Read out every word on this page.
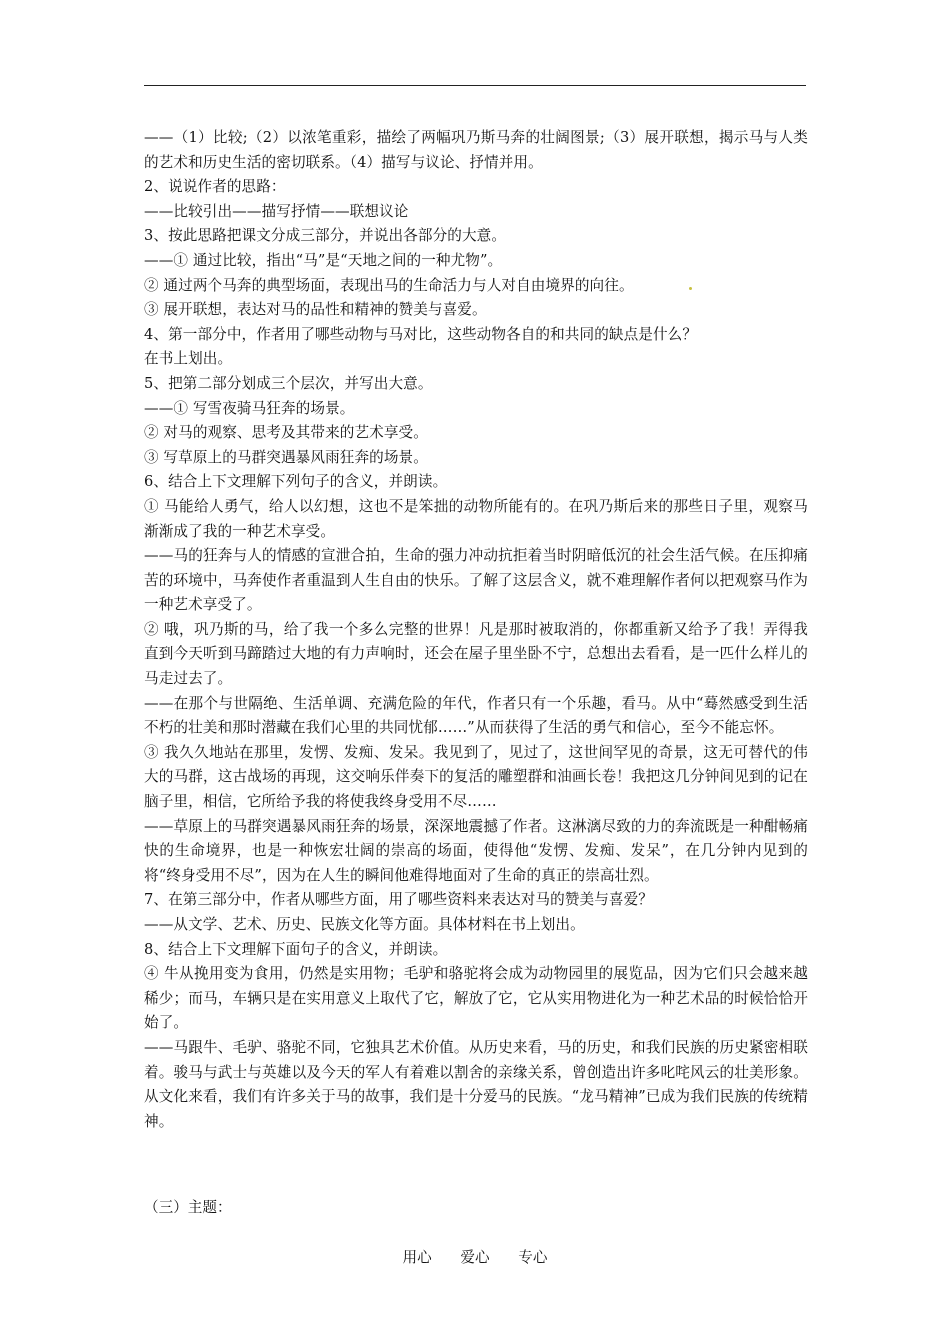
——（1）比较;（2）以浓笔重彩，描绘了两幅巩乃斯马奔的壮阔图景;（3）展开联想，揭示马与人类的艺术和历史生活的密切联系。（4）描写与议论、抒情并用。

2、说说作者的思路：

——比较引出——描写抒情——联想议论

3、按此思路把课文分成三部分，并说出各部分的大意。

——① 通过比较，指出“马”是“天地之间的一种尤物”。

② 通过两个马奔的典型场面，表现出马的生命活力与人对自由境界的向往。

③ 展开联想，表达对马的品性和精神的赞美与喜爱。

4、第一部分中，作者用了哪些动物与马对比，这些动物各自的和共同的缺点是什么？

在书上划出。

5、把第二部分划成三个层次，并写出大意。

——① 写雪夜骑马狂奔的场景。

② 对马的观察、思考及其带来的艺术享受。

③ 写草原上的马群突遇暴风雨狂奔的场景。

6、结合上下文理解下列句子的含义，并朗读。

① 马能给人勇气，给人以幻想，这也不是笨拙的动物所能有的。在巩乃斯后来的那些日子里，观察马渐渐成了我的一种艺术享受。

——马的狂奔与人的情感的宣泄合拍，生命的强力冲动抗拒着当时阴暗低沉的社会生活气候。在压抑痛苦的环境中，马奔使作者重温到人生自由的快乐。了解了这层含义，就不难理解作者何以把观察马作为一种艺术享受了。

② 哦，巩乃斯的马，给了我一个多么完整的世界！凡是那时被取消的，你都重新又给予了我！弄得我直到今天听到马蹄踏过大地的有力声响时，还会在屋子里坐卧不宁，总想出去看看，是一匹什么样儿的马走过去了。

——在那个与世隔绝、生活单调、充满危险的年代，作者只有一个乐趣，看马。从中“蓦然感受到生活不朽的壮美和那时潜藏在我们心里的共同忧郁……”从而获得了生活的勇气和信心，至今不能忘怀。

③ 我久久地站在那里，发愣、发痴、发呆。我见到了，见过了，这世间罕见的奇景，这无可替代的伟大的马群，这古战场的再现，这交响乐伴奏下的复活的雕塑群和油画长卷！我把这几分钟间见到的记在脑子里，相信，它所给予我的将使我终身受用不尽……

——草原上的马群突遇暴风雨狂奔的场景，深深地震撼了作者。这淋漓尽致的力的奔流既是一种酣畅痛快的生命境界，也是一种恢宏壮阔的崇高的场面，使得他“发愣、发痴、发呆”，在几分钟内见到的将“终身受用不尽”，因为在人生的瞬间他难得地面对了生命的真正的崇高壮烈。

7、在第三部分中，作者从哪些方面，用了哪些资料来表达对马的赞美与喜爱？

——从文学、艺术、历史、民族文化等方面。具体材料在书上划出。

8、结合上下文理解下面句子的含义，并朗读。

④ 牛从挽用变为食用，仍然是实用物；毛驴和骆驼将会成为动物园里的展览品，因为它们只会越来越稀少；而马，车辆只是在实用意义上取代了它，解放了它，它从实用物进化为一种艺术品的时候恰恰开始了。

——马跟牛、毛驴、骆驼不同，它独具艺术价值。从历史来看，马的历史，和我们民族的历史紧密相联着。骏马与武士与英雄以及今天的军人有着难以割舍的亲缘关系，曾创造出许多叱咤风云的壮美形象。从文化来看，我们有许多关于马的故事，我们是十分爱马的民族。“龙马精神”已成为我们民族的传统精神。

（三）主题：
用心 爱心 专心
